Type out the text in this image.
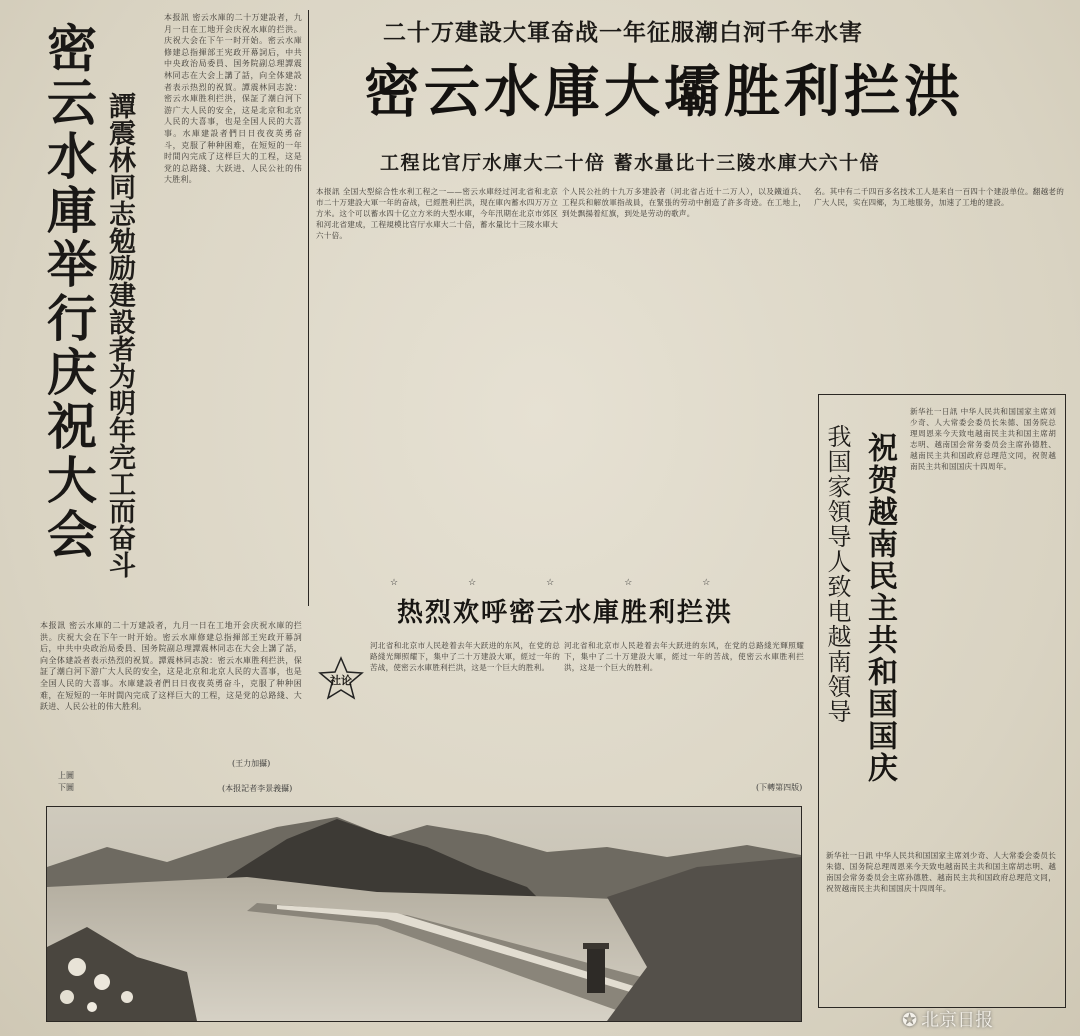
密云水庫举行庆祝大会 譚震林同志勉励建設者为明年完工而奋斗
本报訊 密云水庫的二十万建設者，九月一日在工地开会庆祝水庫的拦洪。庆祝大会在下午一时开始。密云水庫修建总指揮部王宪政开幕詞后，中共中央政治局委員、国务院副总理譚震林同志在大会上講了話，向全体建設者表示热烈的祝賀。譚震林同志說：密云水庫胜利拦洪，保証了潮白河下游广大人民的安全，这是北京和北京人民的大喜事，也是全国人民的大喜事。水庫建設者們日日夜夜英勇奋斗，克服了种种困难，在短短的一年时間內完成了这样巨大的工程，这是党的总路綫、大跃进、人民公社的伟大胜利。
本报訊 密云水庫的二十万建設者，九月一日在工地开会庆祝水庫的拦洪。庆祝大会在下午一时开始。密云水庫修建总指揮部王宪政开幕詞后，中共中央政治局委員、国务院副总理譚震林同志在大会上講了話，向全体建設者表示热烈的祝賀。譚震林同志說：密云水庫胜利拦洪，保証了潮白河下游广大人民的安全，这是北京和北京人民的大喜事，也是全国人民的大喜事。水庫建設者們日日夜夜英勇奋斗，克服了种种困难，在短短的一年时間內完成了这样巨大的工程，这是党的总路綫、大跃进、人民公社的伟大胜利。
上圖
下圖
(王力加攝)
(本报記者李景義攝)
二十万建設大軍奋战一年征服潮白河千年水害
密云水庫大壩胜利拦洪
工程比官厅水庫大二十倍 蓄水量比十三陵水庫大六十倍
本报訊 全国大型綜合性水利工程之一——密云水庫经过河北省和北京市二十万建設大軍一年的奋战，已經胜利拦洪，现在庫內蓄水四万万立方米。这个可以蓄水四十亿立方米的大型水庫，今年汛期在北京市郊区和河北省建成，工程規模比官厅水庫大二十倍，蓄水量比十三陵水庫大六十倍。
个人民公社的十九万多建設者（河北省占近十二万人），以及鐵道兵、工程兵和解放軍指战員，在緊張的劳动中創造了許多奇迹。在工地上，到处飘揚着紅旗，到处是劳动的歌声。
名。其中有二千四百多名技术工人是来自一百四十个建設单位。翻越老的广大人民，实在四鄉，为工地服务，加速了工地的建設。
☆☆☆☆☆
热烈欢呼密云水庫胜利拦洪
社论
河北省和北京市人民趁着去年大跃进的东风，在党的总路綫光輝照耀下，集中了二十万建設大軍，經过一年的苦战，使密云水庫胜利拦洪，这是一个巨大的胜利。
河北省和北京市人民趁着去年大跃进的东风，在党的总路綫光輝照耀下，集中了二十万建設大軍，經过一年的苦战，使密云水庫胜利拦洪，这是一个巨大的胜利。
(下轉第四版)
祝贺越南民主共和国国庆
我国家領导人致电越南領导
新华社一日訊 中华人民共和国国家主席刘少奇、人大常委会委员长朱德、国务院总理周恩来今天致电越南民主共和国主席胡志明、越南国会常务委员会主席孙德胜、越南民主共和国政府总理范文同，祝贺越南民主共和国国庆十四周年。
新华社一日訊 中华人民共和国国家主席刘少奇、人大常委会委员长朱德、国务院总理周恩来今天致电越南民主共和国主席胡志明、越南国会常务委员会主席孙德胜、越南民主共和国政府总理范文同，祝贺越南民主共和国国庆十四周年。
✪ 北京日报
